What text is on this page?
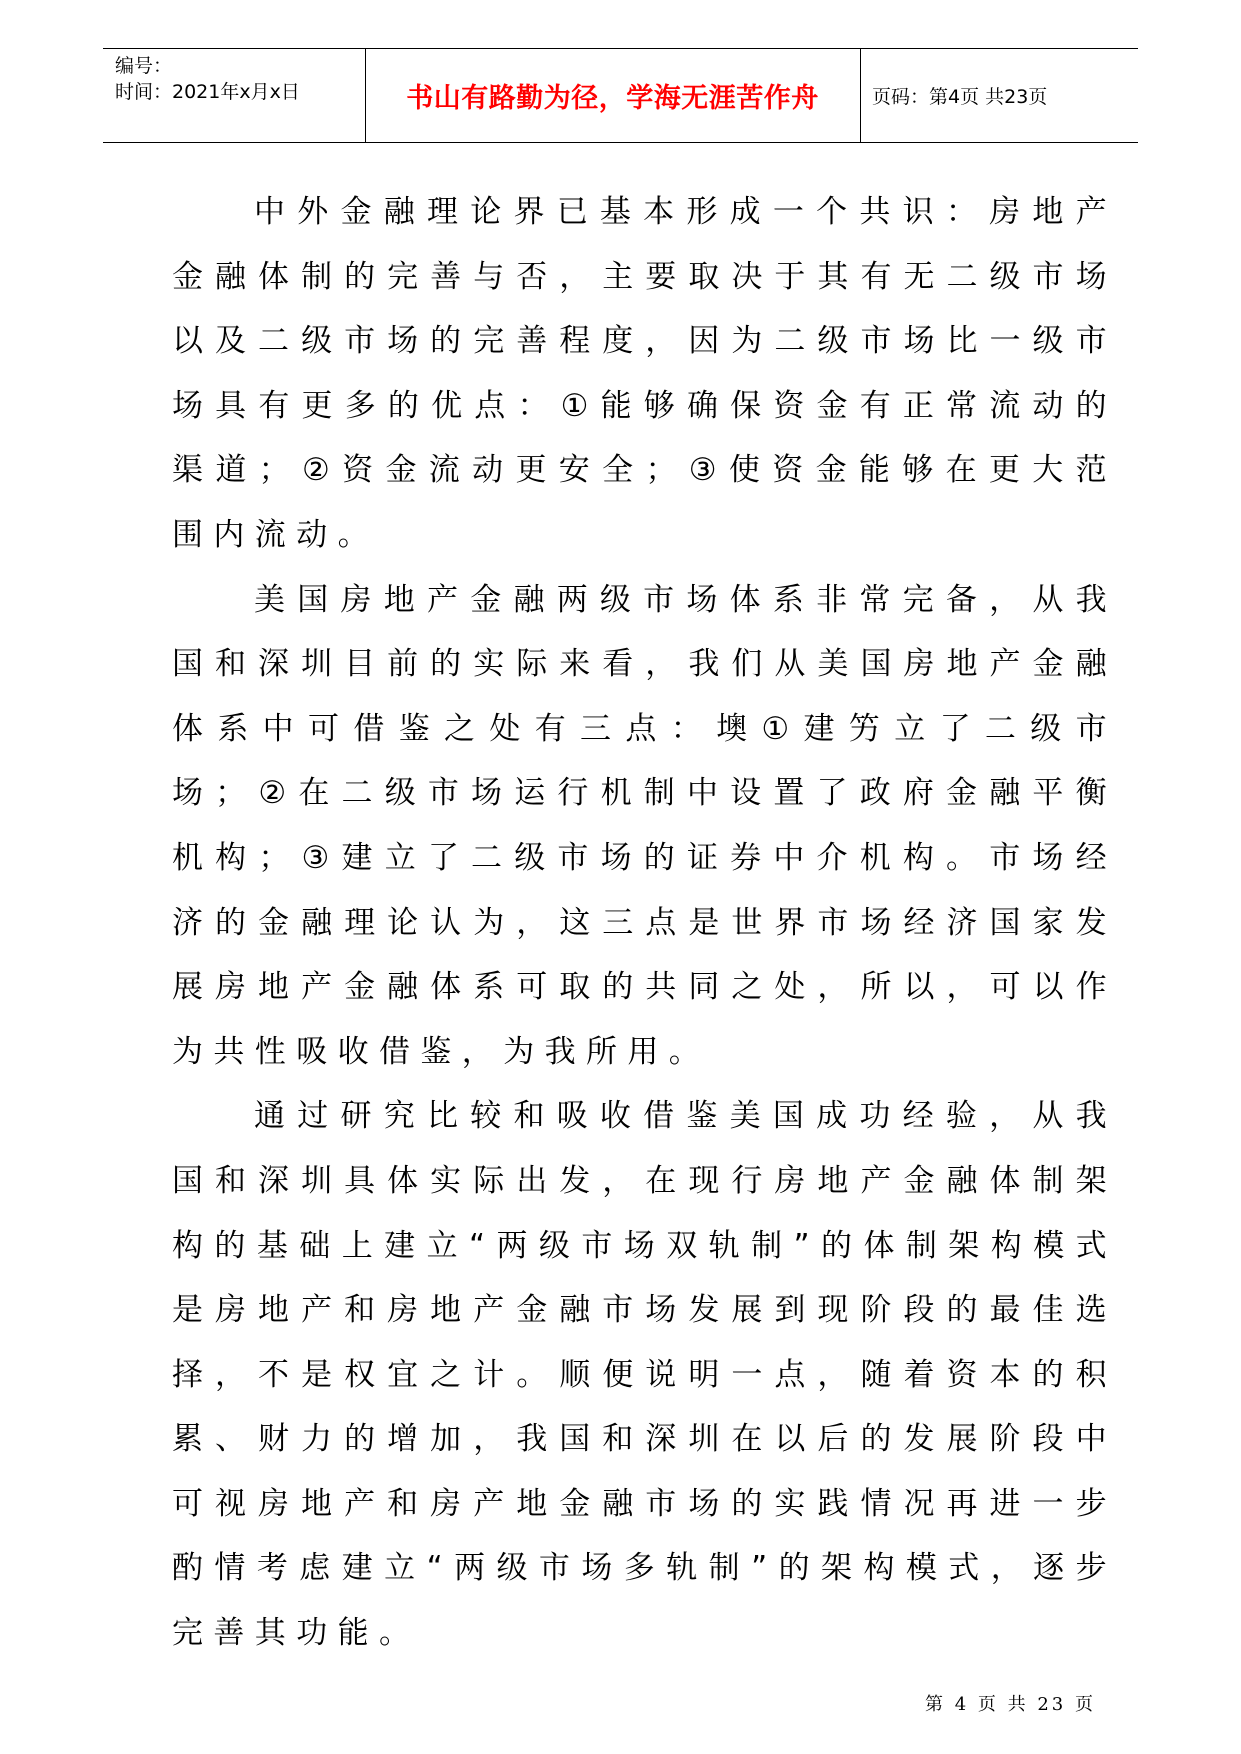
编号：
时间：2021年x月x日	书山有路勤为径，学海无涯苦作舟	页码：第4页 共23页

中外金融理论界已基本形成一个共识：房地产金融体制的完善与否，主要取决于其有无二级市场以及二级市场的完善程度，因为二级市场比一级市场具有更多的优点：①能够确保资金有正常流动的渠道；②资金流动更安全；③使资金能够在更大范围内流动。

美国房地产金融两级市场体系非常完备，从我国和深圳目前的实际来看，我们从美国房地产金融体系中可借鉴之处有三点：墺①建竻立了二级市场；②在二级市场运行机制中设置了政府金融平衡机构；③建立了二级市场的证券中介机构。市场经济的金融理论认为，这三点是世界市场经济国家发展房地产金融体系可取的共同之处，所以，可以作为共性吸收借鉴，为我所用。

通过研究比较和吸收借鉴美国成功经验，从我国和深圳具体实际出发，在现行房地产金融体制架构的基础上建立“两级市场双轨制”的体制架构模式是房地产和房地产金融市场发展到现阶段的最佳选择，不是权宜之计。顺便说明一点，随着资本的积累、财力的增加，我国和深圳在以后的发展阶段中可视房地产和房产地金融市场的实践情况再进一步酌情考虑建立“两级市场多轨制”的架构模式，逐步完善其功能。

第 4 页 共 23 页
